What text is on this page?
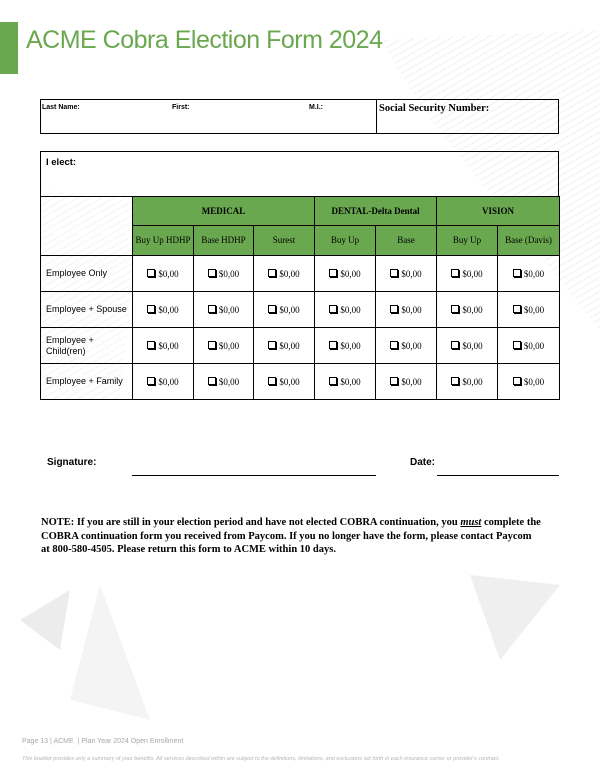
ACME Cobra Election Form 2024
Last Name:	First:	M.I.:	Social Security Number:
I elect:
	MEDICAL			DENTAL-Delta Dental		VISION	
	Buy Up HDHP	Base HDHP	Surest	Buy Up	Base	Buy Up	Base (Davis)
Employee Only	$0,00	$0,00	$0,00	$0,00	$0,00	$0,00	$0,00
Employee + Spouse	$0,00	$0,00	$0,00	$0,00	$0,00	$0,00	$0,00
Employee + Child(ren)	$0,00	$0,00	$0,00	$0,00	$0,00	$0,00	$0,00
Employee + Family	$0,00	$0,00	$0,00	$0,00	$0,00	$0,00	$0,00
Signature:	Date:

NOTE: If you are still in your election period and have not elected COBRA continuation, you must complete the COBRA continuation form you received from Paycom. If you no longer have the form, please contact Paycom at 800-580-4505. Please return this form to ACME within 10 days.

Page 13 | ACME | Plan Year 2024 Open Enrollment

This booklet provides only a summary of your benefits. All services described within are subject to the definitions, limitations, and exclusions set forth in each insurance carrier or provider's contract.
